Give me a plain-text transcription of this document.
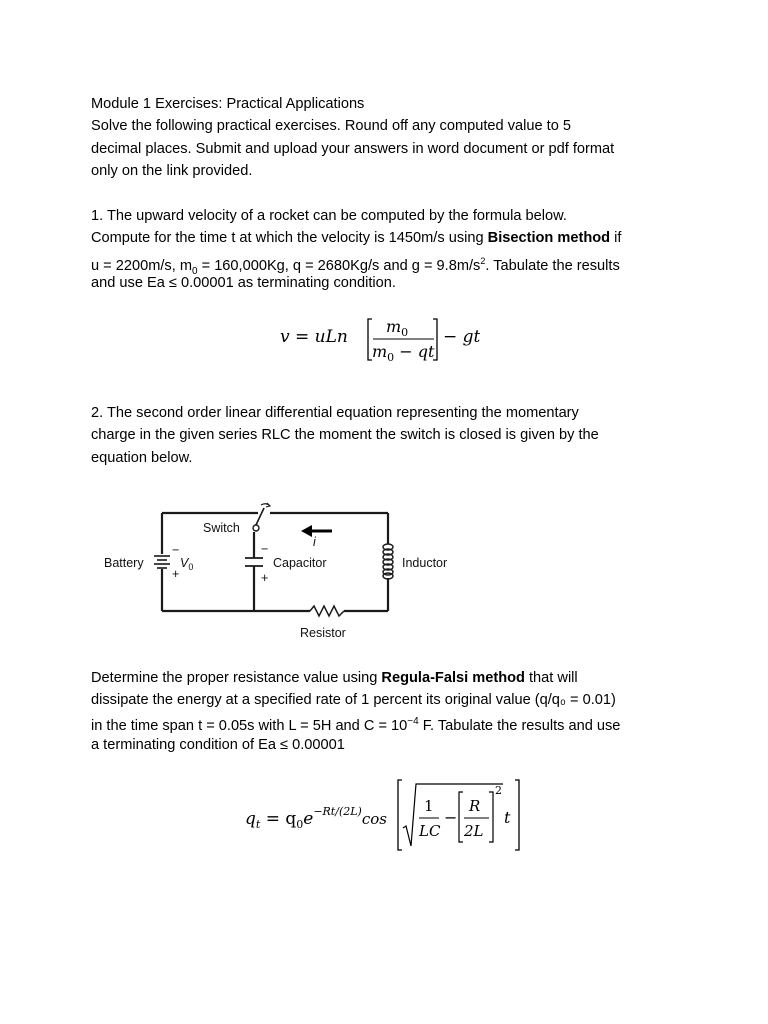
Module 1 Exercises: Practical Applications
Solve the following practical exercises. Round off any computed value to 5
decimal places. Submit and upload your answers in word document or pdf format
only on the link provided.
1. The upward velocity of a rocket can be computed by the formula below.
Compute for the time t at which the velocity is 1450m/s using Bisection method if
u = 2200m/s, $m_0 = 160,000Kg$, q = 2680Kg/s and $g = 9.8m/s^2$. Tabulate the results
and use Ea ≤ 0.00001 as terminating condition.
v = uLn
$m_0$
$m_0$ − qt
− gt
2. The second order linear differential equation representing the momentary
charge in the given series RLC the moment the switch is closed is given by the
equation below.
Switch
i
Battery
−
+
$V_0$
−
+
Capacitor	Inductor
Resistor
Determine the proper resistance value using Regula-Falsi method that will
dissipate the energy at a specified rate of 1 percent its original value (q/q₀ = 0.01)
in the time span t = 0.05s with L = 5H and $C = 10^{-4}$ F. Tabulate the results and use
a terminating condition of Ea ≤ 0.00001
$q_t = q_0e^{-Rt/(2L)}\cos$
1
LC
−
R
2L
2
t
